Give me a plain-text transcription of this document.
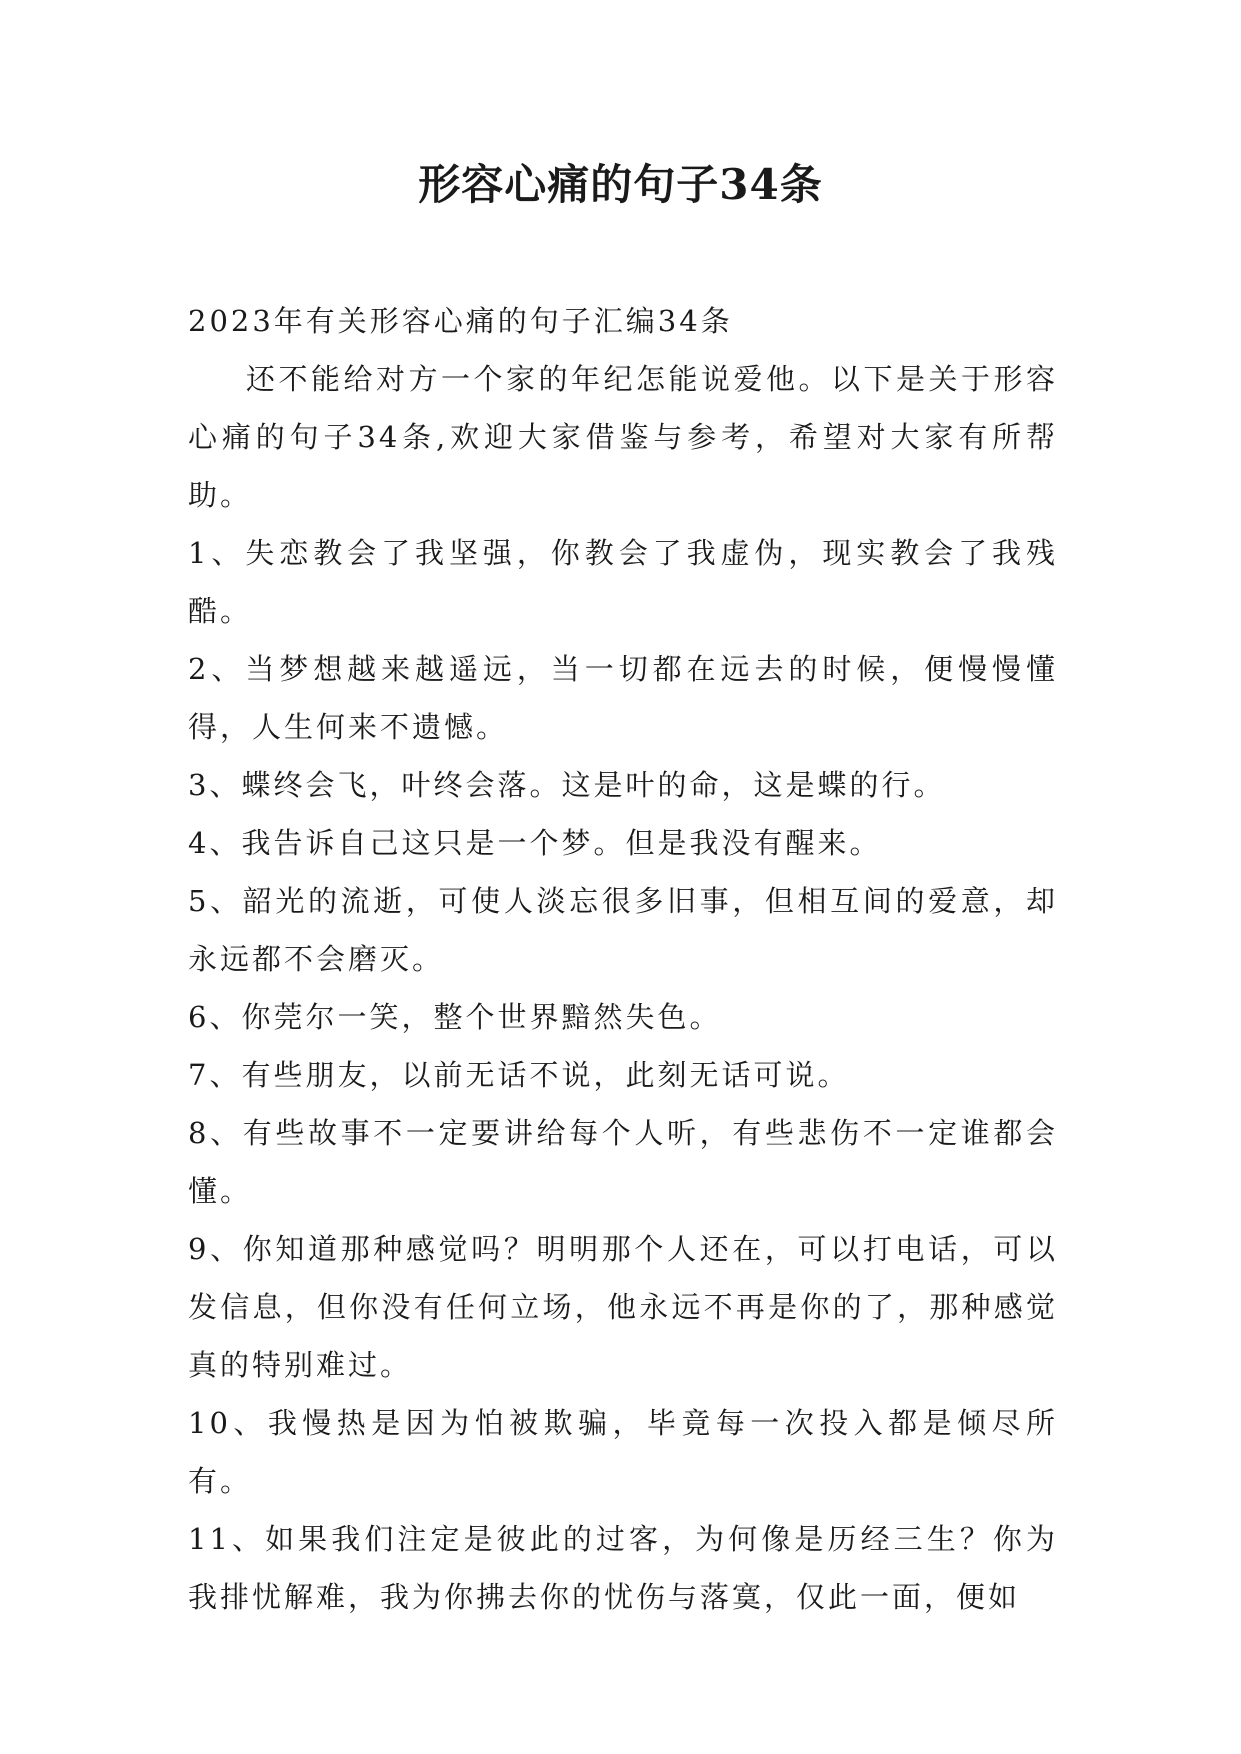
形容心痛的句子34条

2023年有关形容心痛的句子汇编34条

还不能给对方一个家的年纪怎能说爱他。以下是关于形容心痛的句子34条,欢迎大家借鉴与参考，希望对大家有所帮助。

1、失恋教会了我坚强，你教会了我虚伪，现实教会了我残酷。

2、当梦想越来越遥远，当一切都在远去的时候，便慢慢懂得，人生何来不遗憾。

3、蝶终会飞，叶终会落。这是叶的命，这是蝶的行。

4、我告诉自己这只是一个梦。但是我没有醒来。

5、韶光的流逝，可使人淡忘很多旧事，但相互间的爱意，却永远都不会磨灭。

6、你莞尔一笑，整个世界黯然失色。

7、有些朋友，以前无话不说，此刻无话可说。

8、有些故事不一定要讲给每个人听，有些悲伤不一定谁都会懂。

9、你知道那种感觉吗？明明那个人还在，可以打电话，可以发信息，但你没有任何立场，他永远不再是你的了，那种感觉真的特别难过。

10、我慢热是因为怕被欺骗，毕竟每一次投入都是倾尽所有。

11、如果我们注定是彼此的过客，为何像是历经三生？你为我排忧解难，我为你拂去你的忧伤与落寞，仅此一面，便如
